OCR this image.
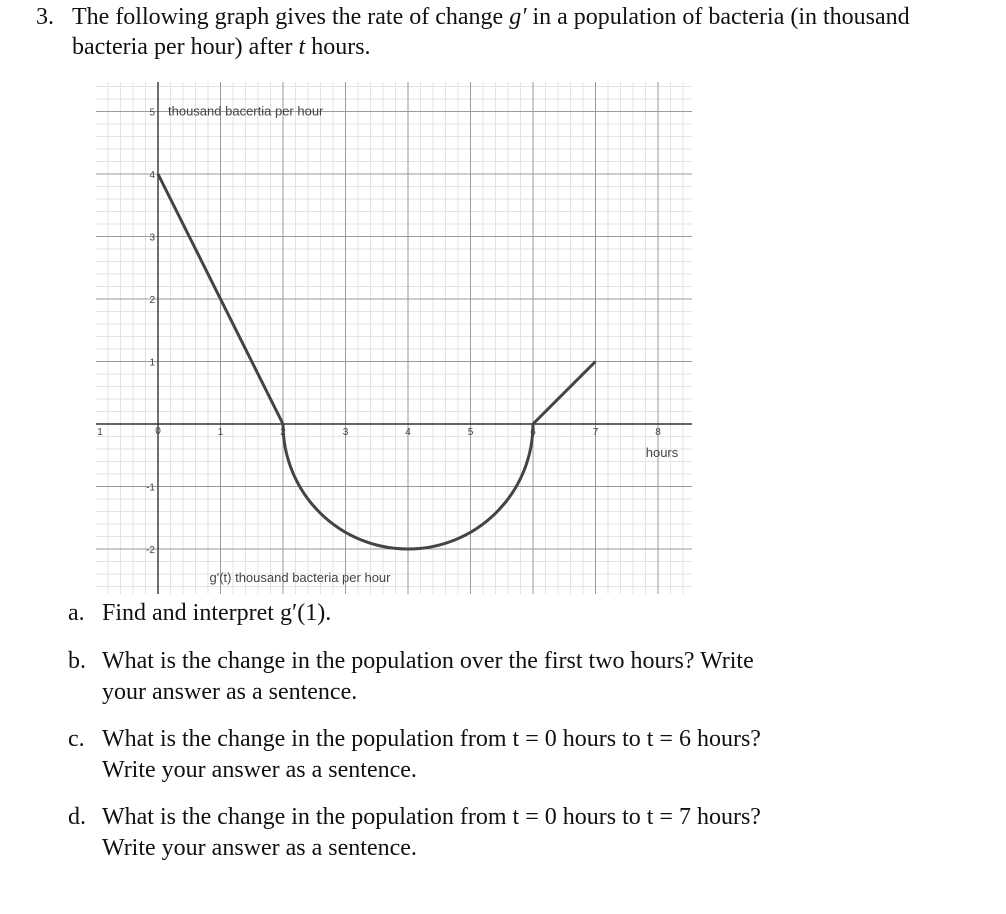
3. The following graph gives the rate of change g′ in a population of bacteria (in thousand bacteria per hour) after t hours.
1	0	1	2	3	4	5	6	7	8
5
4
3
2
1
-1
-2
thousand bacertia per hour
hours
g'(t) thousand bacteria per hour
a. Find and interpret g′(1).
b. What is the change in the population over the first two hours? Write
your answer as a sentence.
c. What is the change in the population from t = 0 hours to t = 6 hours?
Write your answer as a sentence.
d. What is the change in the population from t = 0 hours to t = 7 hours?
Write your answer as a sentence.
